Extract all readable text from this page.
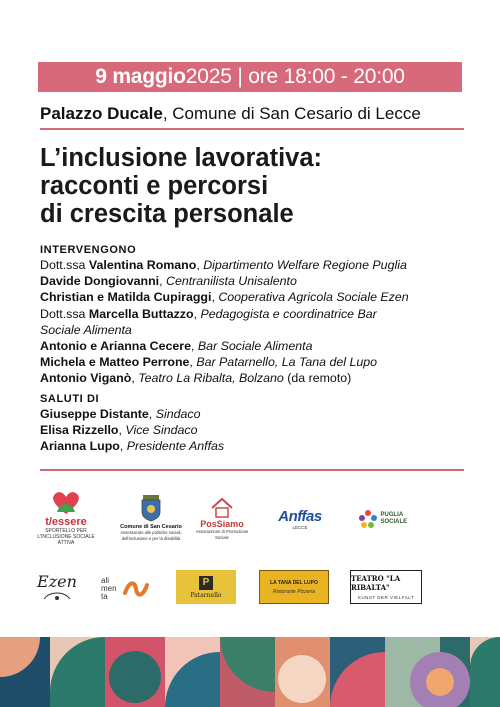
9 maggio 2025 | ore 18:00 - 20:00
Palazzo Ducale, Comune di San Cesario di Lecce
L’inclusione lavorativa:
racconti e percorsi
di crescita personale
INTERVENGONO
Dott.ssa Valentina Romano, Dipartimento Welfare Regione Puglia
Davide Dongiovanni, Centranilista Unisalento
Christian e Matilda Cupiraggi, Cooperativa Agricola Sociale Ezen
Dott.ssa Marcella Buttazzo, Pedagogista e coordinatrice Bar
Sociale Alimenta
Antonio e Arianna Cecere, Bar Sociale Alimenta
Michela e Matteo Perrone, Bar Patarnello, La Tana del Lupo
Antonio Viganò, Teatro La Ribalta, Bolzano (da remoto)
SALUTI DI
Giuseppe Distante, Sindaco
Elisa Rizzello, Vice Sindaco
Arianna Lupo, Presidente Anffas
t/essere
SPORTELLO PER L'INCLUSIONE SOCIALE ATTIVA
Comune di San Cesario
Assessorato alle politiche sociali, dell'inclusione e per la disabilità
PosSiamo
Associazione di Promozione Sociale
Anffas
LECCE
PUGLIA SOCIALE
Ezen	ali men ta
P
Patarnello
LA TANA DEL LUPO
Ristorante Pizzeria
TEATRO "LA RIBALTA"
KUNST DER VIELFALT
